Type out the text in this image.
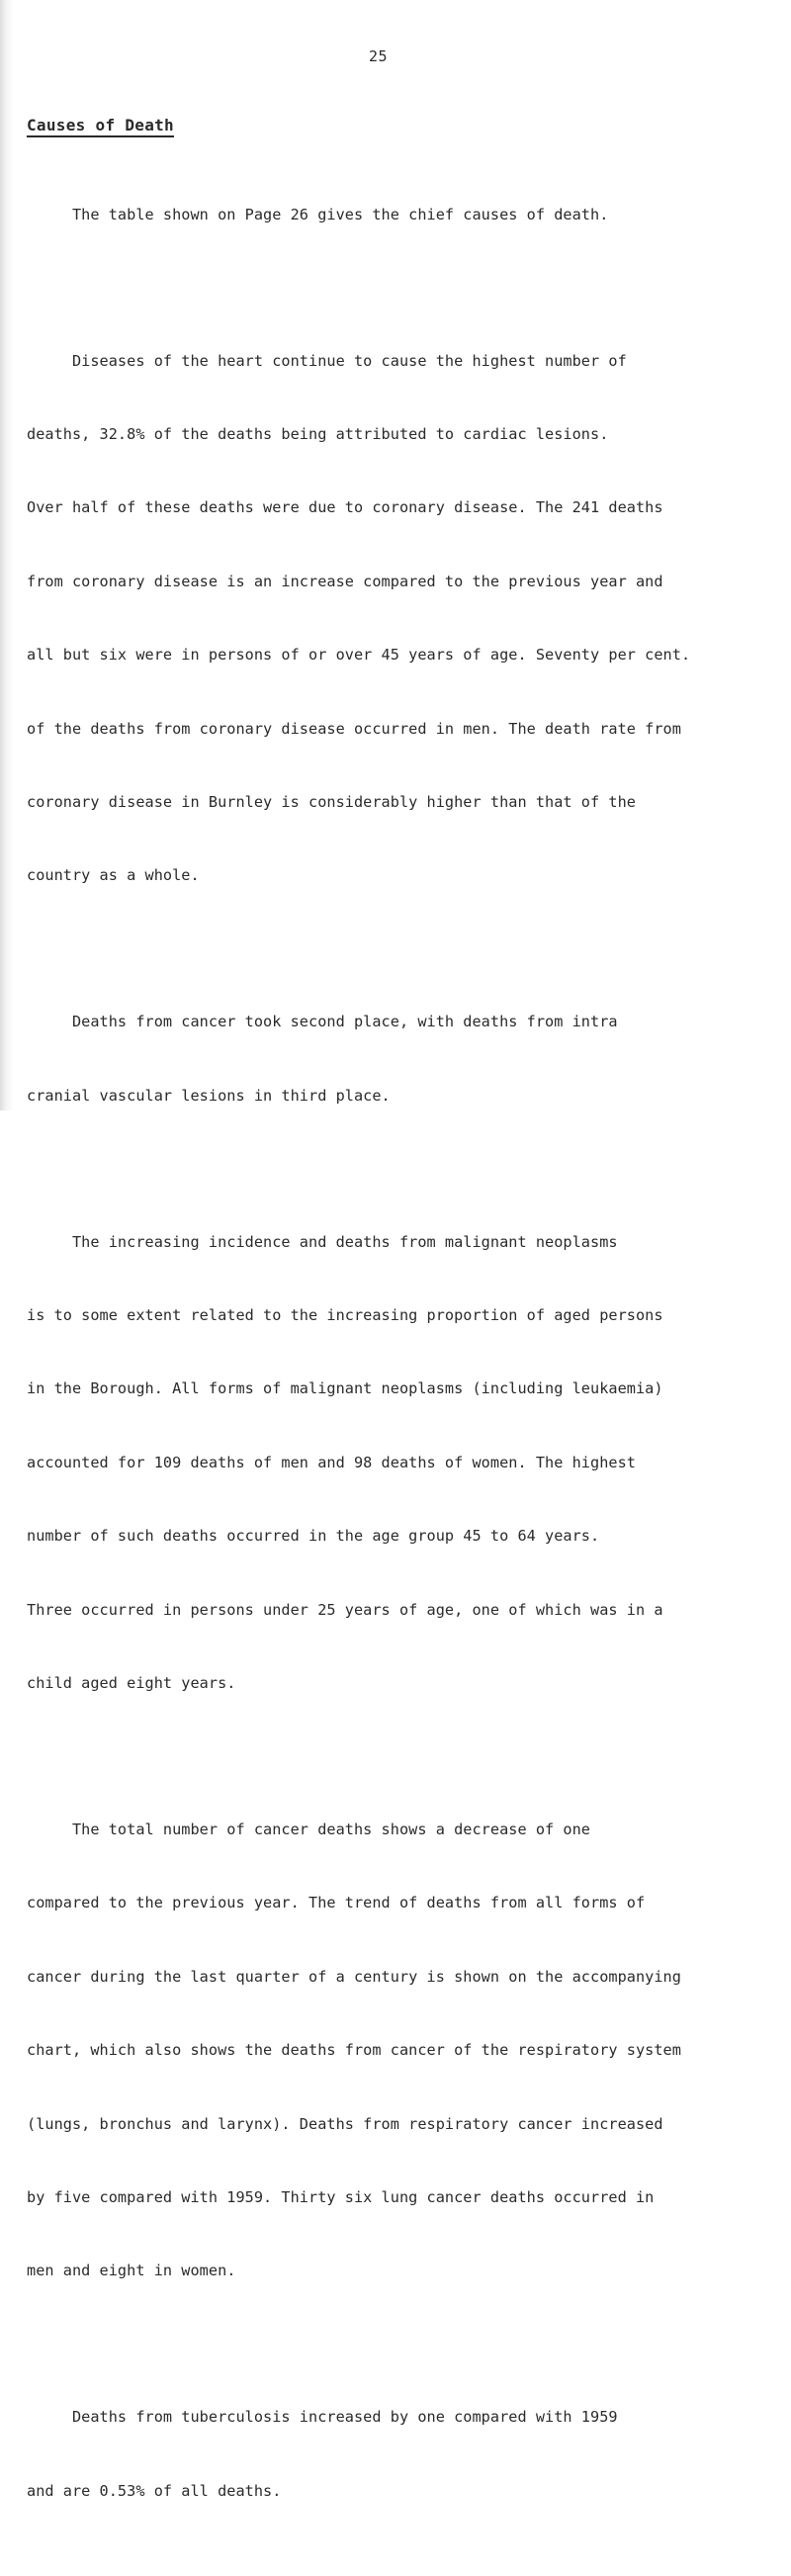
25
Causes of Death

The table shown on Page 26 gives the chief causes of death.

Diseases of the heart continue to cause the highest number of

deaths, 32.8% of the deaths being attributed to cardiac lesions.

Over half of these deaths were due to coronary disease. The 241 deaths

from coronary disease is an increase compared to the previous year and

all but six were in persons of or over 45 years of age. Seventy per cent.

of the deaths from coronary disease occurred in men. The death rate from

coronary disease in Burnley is considerably higher than that of the

country as a whole.

Deaths from cancer took second place, with deaths from intra

cranial vascular lesions in third place.

The increasing incidence and deaths from malignant neoplasms

is to some extent related to the increasing proportion of aged persons

in the Borough. All forms of malignant neoplasms (including leukaemia)

accounted for 109 deaths of men and 98 deaths of women. The highest

number of such deaths occurred in the age group 45 to 64 years.

Three occurred in persons under 25 years of age, one of which was in a

child aged eight years.

The total number of cancer deaths shows a decrease of one

compared to the previous year. The trend of deaths from all forms of

cancer during the last quarter of a century is shown on the accompanying

chart, which also shows the deaths from cancer of the respiratory system

(lungs, bronchus and larynx). Deaths from respiratory cancer increased

by five compared with 1959. Thirty six lung cancer deaths occurred in

men and eight in women.

Deaths from tuberculosis increased by one compared with 1959

and are 0.53% of all deaths.
